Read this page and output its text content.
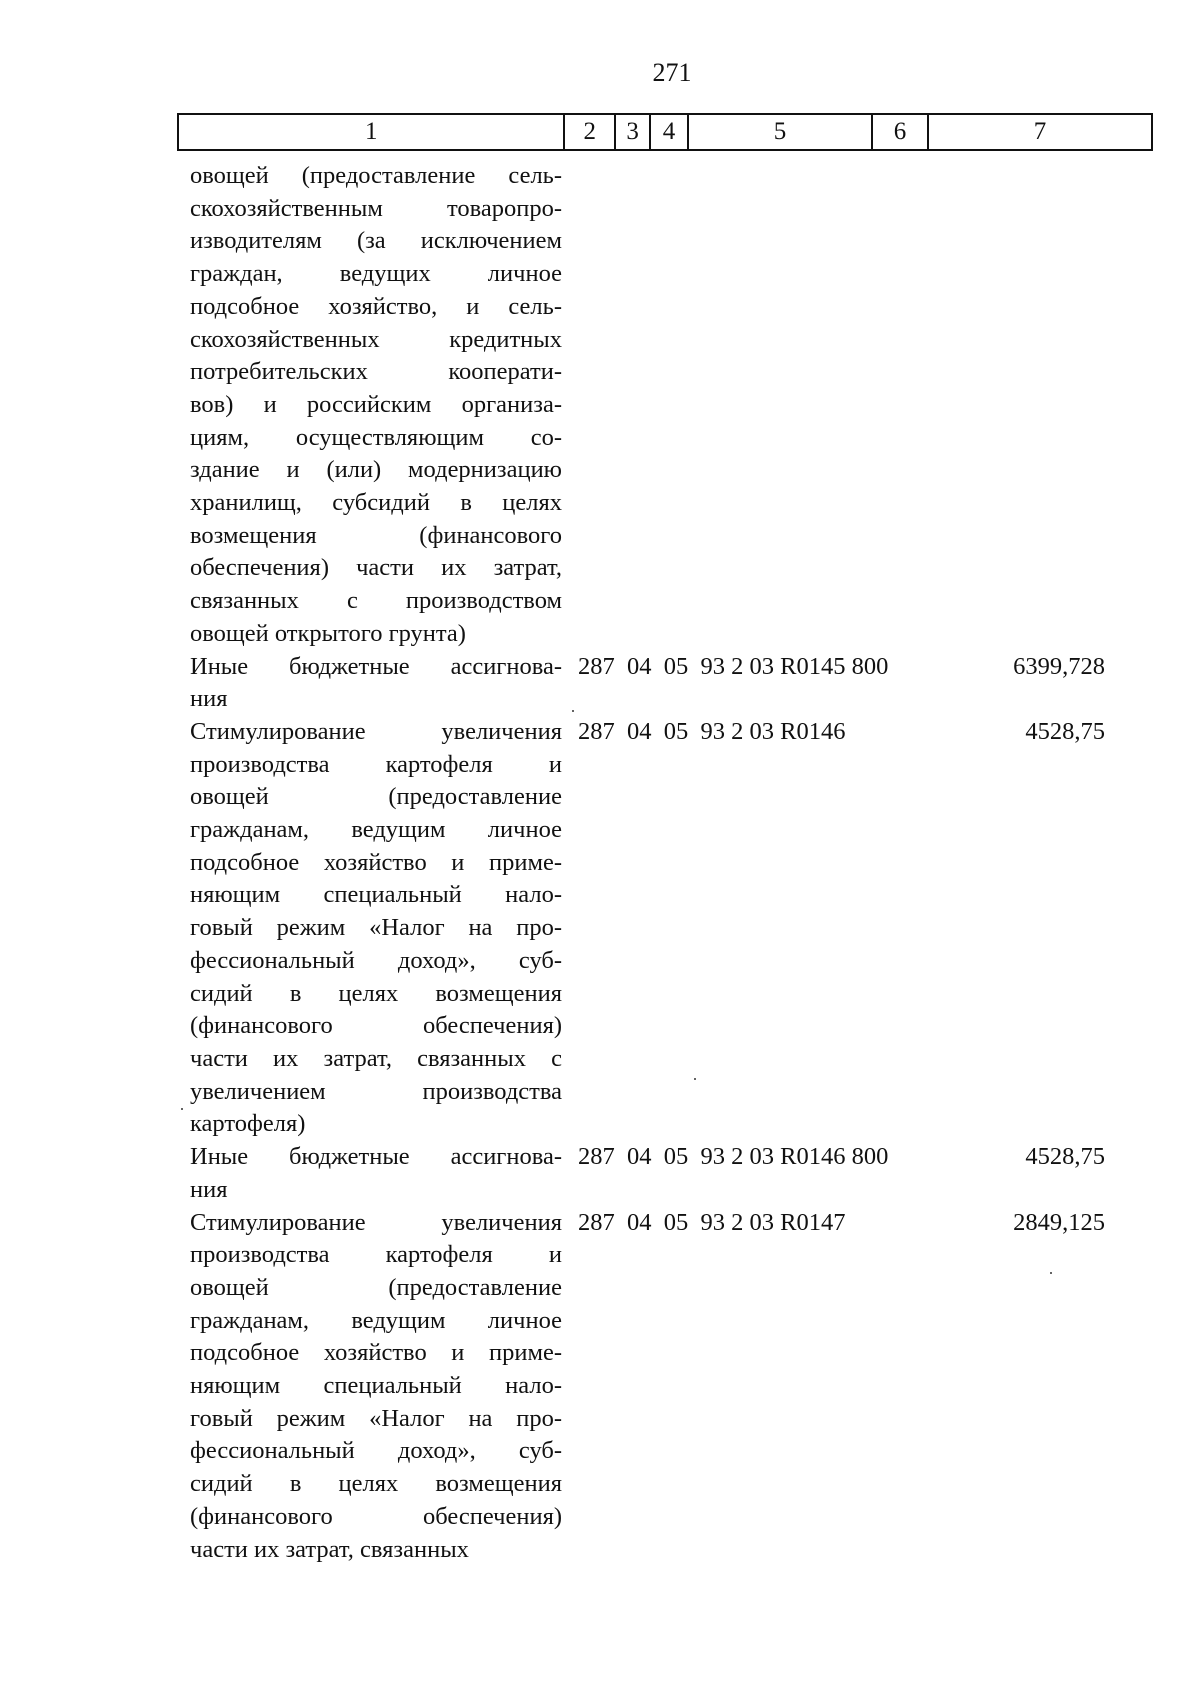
271
1	2	3 4	5	6	7
овощей (предоставление сель-
скохозяйственным товаропро-
изводителям (за исключением
граждан, ведущих личное
подсобное хозяйство, и сель-
скохозяйственных кредитных
потребительских кооперати-
вов) и российским организа-
циям, осуществляющим со-
здание и (или) модернизацию
хранилищ, субсидий в целях
возмещения (финансового
обеспечения) части их затрат,
связанных с производством
овощей открытого грунта)
Иные бюджетные ассигнова-
ния
287  04  05  93 2 03 R0145 800	6399,728
Стимулирование увеличения
производства картофеля и
овощей (предоставление
гражданам, ведущим личное
подсобное хозяйство и приме-
няющим специальный нало-
говый режим «Налог на про-
фессиональный доход», суб-
сидий в целях возмещения
(финансового обеспечения)
части их затрат, связанных с
увеличением производства
картофеля)
287  04  05  93 2 03 R0146	4528,75
Иные бюджетные ассигнова-
ния
287  04  05  93 2 03 R0146 800	4528,75
Стимулирование увеличения
производства картофеля и
овощей (предоставление
гражданам, ведущим личное
подсобное хозяйство и приме-
няющим специальный нало-
говый режим «Налог на про-
фессиональный доход», суб-
сидий в целях возмещения
(финансового обеспечения)
части их затрат, связанных
287  04  05  93 2 03 R0147	2849,125
